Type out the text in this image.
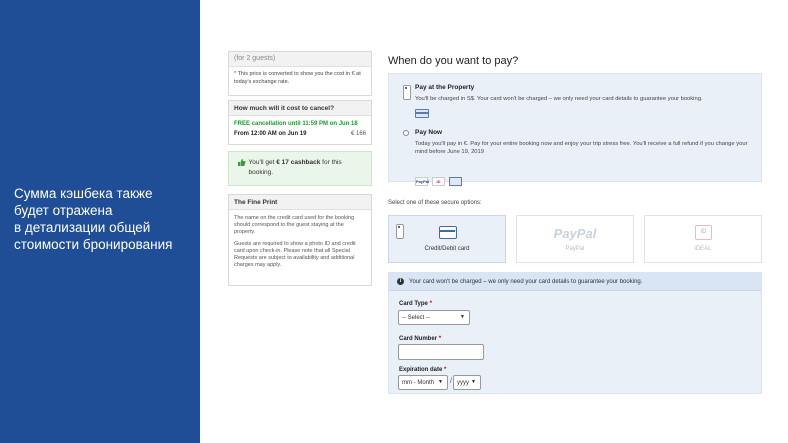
Сумма кэшбека также
будет отражена
в детализации общей
стоимости бронирования
(for 2 guests)
* This price is converted to show you the cost in € at today's exchange rate.
How much will it cost to cancel?
FREE cancellation until 11:59 PM on Jun 18
From 12:00 AM on Jun 19	€ 166
You'll get € 17 cashback for this booking.
The Fine Print

The name on the credit card used for the booking should correspond to the guest staying at the property.

Guests are required to show a photo ID and credit card upon check-in. Please note that all Special Requests are subject to availability and additional charges may apply.

When do you want to pay?
Pay at the Property
You'll be charged in S$. Your card won't be charged – we only need your card details to guarantee your booking.
Pay Now
Today you'll pay in €. Pay for your entire booking now and enjoy your trip stress free. You'll receive a full refund if you change your mind before June 19, 2019
PayPal	iD
Select one of these secure options:
Credit/Debit card
PayPal
PayPal
iD
iDEAL
i	Your card won't be charged – we only need your card details to guarantee your booking.
Card Type *
-- Select --	▼
Card Number *
Expiration date *
mm - Month ▼ / yyyy ▼
